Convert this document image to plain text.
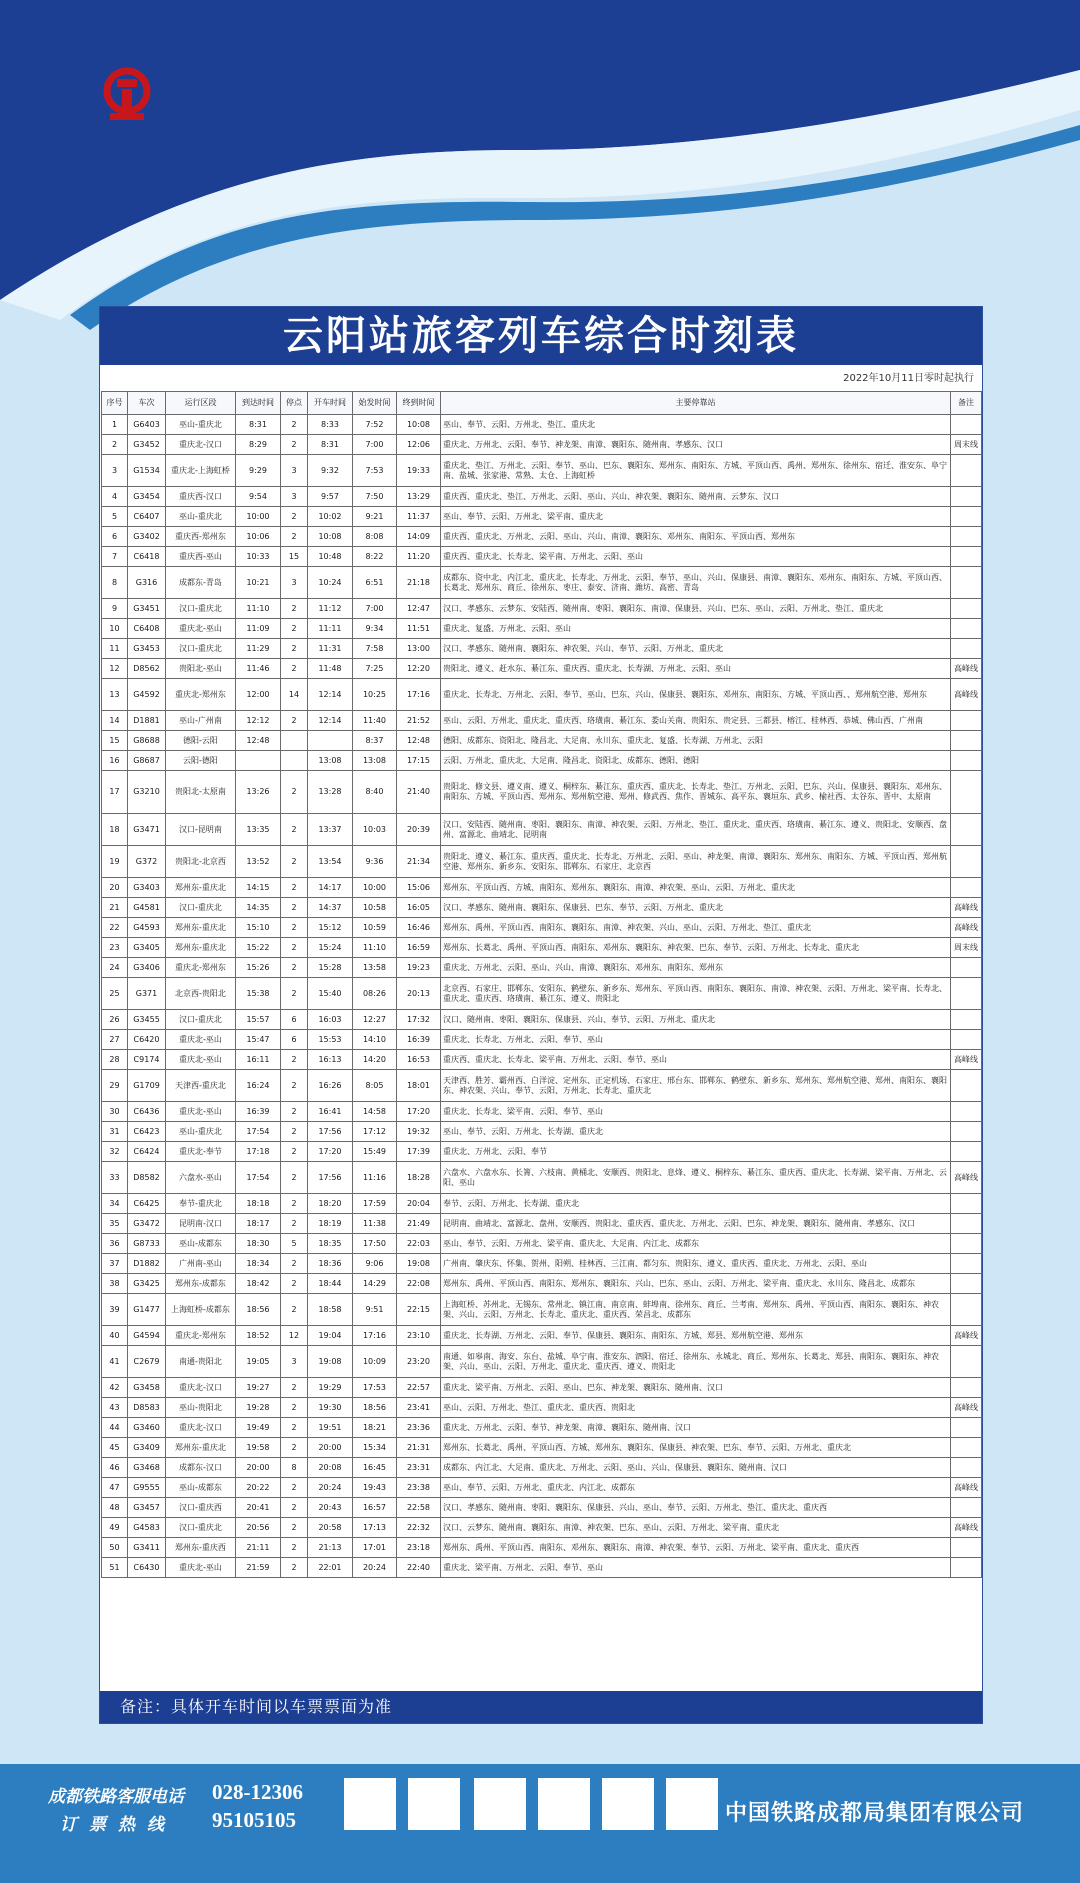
中国铁路
云阳站旅客列车综合时刻表
2022年10月11日零时起执行
序号	车次	运行区段	到达时间	停点	开车时间	始发时间	终到时间	主要停靠站	备注
1	G6403	巫山-重庆北	8:31	2	8:33	7:52	10:08	巫山、奉节、云阳、万州北、垫江、重庆北	
2	G3452	重庆北-汉口	8:29	2	8:31	7:00	12:06	重庆北、万州北、云阳、奉节、神龙架、南漳、襄阳东、随州南、孝感东、汉口	周末线
3	G1534	重庆北-上海虹桥	9:29	3	9:32	7:53	19:33	重庆北、垫江、万州北、云阳、奉节、巫山、巴东、襄阳东、郑州东、南阳东、方城、平顶山西、禹州、郑州东、徐州东、宿迁、淮安东、阜宁南、盐城、张家港、常熟、太仓、上海虹桥	
4	G3454	重庆西-汉口	9:54	3	9:57	7:50	13:29	重庆西、重庆北、垫江、万州北、云阳、巫山、兴山、神农架、襄阳东、随州南、云梦东、汉口	
5	C6407	巫山-重庆北	10:00	2	10:02	9:21	11:37	巫山、奉节、云阳、万州北、梁平南、重庆北	
6	G3402	重庆西-郑州东	10:06	2	10:08	8:08	14:09	重庆西、重庆北、万州北、云阳、巫山、兴山、南漳、襄阳东、邓州东、南阳东、平顶山西、郑州东	
7	C6418	重庆西-巫山	10:33	15	10:48	8:22	11:20	重庆西、重庆北、长寿北、梁平南、万州北、云阳、巫山	
8	G316	成都东-青岛	10:21	3	10:24	6:51	21:18	成都东、资中北、内江北、重庆北、长寿北、万州北、云阳、奉节、巫山、兴山、保康县、南漳、襄阳东、邓州东、南阳东、方城、平顶山西、长葛北、郑州东、商丘、徐州东、枣庄、泰安、济南、潍坊、高密、青岛	
9	G3451	汉口-重庆北	11:10	2	11:12	7:00	12:47	汉口、孝感东、云梦东、安陆西、随州南、枣阳、襄阳东、南漳、保康县、兴山、巴东、巫山、云阳、万州北、垫江、重庆北	
10	C6408	重庆北-巫山	11:09	2	11:11	9:34	11:51	重庆北、复盛、万州北、云阳、巫山	
11	G3453	汉口-重庆北	11:29	2	11:31	7:58	13:00	汉口、孝感东、随州南、襄阳东、神农架、兴山、奉节、云阳、万州北、重庆北	
12	D8562	贵阳北-巫山	11:46	2	11:48	7:25	12:20	贵阳北、遵义、赶水东、綦江东、重庆西、重庆北、长寿湖、万州北、云阳、巫山	高峰线
13	G4592	重庆北-郑州东	12:00	14	12:14	10:25	17:16	重庆北、长寿北、万州北、云阳、奉节、巫山、巴东、兴山、保康县、襄阳东、邓州东、南阳东、方城、平顶山西、、郑州航空港、郑州东	高峰线
14	D1881	巫山-广州南	12:12	2	12:14	11:40	21:52	巫山、云阳、万州北、重庆北、重庆西、珞璜南、綦江东、娄山关南、贵阳东、贵定县、三都县、榕江、桂林西、恭城、佛山西、广州南	
15	G8688	德阳-云阳	12:48			8:37	12:48	德阳、成都东、资阳北、隆昌北、大足南、永川东、重庆北、复盛、长寿湖、万州北、云阳	
16	G8687	云阳-德阳			13:08	13:08	17:15	云阳、万州北、重庆北、大足南、隆昌北、资阳北、成都东、德阳、德阳	
17	G3210	贵阳北-太原南	13:26	2	13:28	8:40	21:40	贵阳北、修文县、遵义南、遵义、桐梓东、綦江东、重庆西、重庆北、长寿北、垫江、万州北、云阳、巴东、兴山、保康县、襄阳东、邓州东、南阳东、方城、平顶山西、郑州东、郑州航空港、郑州、修武西、焦作、晋城东、高平东、襄垣东、武乡、榆社西、太谷东、晋中、太原南	
18	G3471	汉口-昆明南	13:35	2	13:37	10:03	20:39	汉口、安陆西、随州南、枣阳、襄阳东、南漳、神农架、云阳、万州北、垫江、重庆北、重庆西、珞璜南、綦江东、遵义、贵阳北、安顺西、盘州、富源北、曲靖北、昆明南	
19	G372	贵阳北-北京西	13:52	2	13:54	9:36	21:34	贵阳北、遵义、綦江东、重庆西、重庆北、长寿北、万州北、云阳、巫山、神龙架、南漳、襄阳东、郑州东、南阳东、方城、平顶山西、郑州航空港、郑州东、新乡东、安阳东、邯郸东、石家庄、北京西	
20	G3403	郑州东-重庆北	14:15	2	14:17	10:00	15:06	郑州东、平顶山西、方城、南阳东、郑州东、襄阳东、南漳、神农架、巫山、云阳、万州北、重庆北	
21	G4581	汉口-重庆北	14:35	2	14:37	10:58	16:05	汉口、孝感东、随州南、襄阳东、保康县、巴东、奉节、云阳、万州北、重庆北	高峰线
22	G4593	郑州东-重庆北	15:10	2	15:12	10:59	16:46	郑州东、禹州、平顶山西、南阳东、襄阳东、南漳、神农架、兴山、巫山、云阳、万州北、垫江、重庆北	高峰线
23	G3405	郑州东-重庆北	15:22	2	15:24	11:10	16:59	郑州东、长葛北、禹州、平顶山西、南阳东、邓州东、襄阳东、神农架、巴东、奉节、云阳、万州北、长寿北、重庆北	周末线
24	G3406	重庆北-郑州东	15:26	2	15:28	13:58	19:23	重庆北、万州北、云阳、巫山、兴山、南漳、襄阳东、邓州东、南阳东、郑州东	
25	G371	北京西-贵阳北	15:38	2	15:40	08:26	20:13	北京西、石家庄、邯郸东、安阳东、鹤壁东、新乡东、郑州东、平顶山西、南阳东、襄阳东、南漳、神农架、云阳、万州北、梁平南、长寿北、重庆北、重庆西、珞璜南、綦江东、遵义、贵阳北	
26	G3455	汉口-重庆北	15:57	6	16:03	12:27	17:32	汉口、随州南、枣阳、襄阳东、保康县、兴山、奉节、云阳、万州北、重庆北	
27	C6420	重庆北-巫山	15:47	6	15:53	14:10	16:39	重庆北、长寿北、万州北、云阳、奉节、巫山	
28	C9174	重庆北-巫山	16:11	2	16:13	14:20	16:53	重庆西、重庆北、长寿北、梁平南、万州北、云阳、奉节、巫山	高峰线
29	G1709	天津西-重庆北	16:24	2	16:26	8:05	18:01	天津西、胜芳、霸州西、白洋淀、定州东、正定机场、石家庄、邢台东、邯郸东、鹤壁东、新乡东、郑州东、郑州航空港、郑州、南阳东、襄阳东、神农架、兴山、奉节、云阳、万州北、长寿北、重庆北	
30	C6436	重庆北-巫山	16:39	2	16:41	14:58	17:20	重庆北、长寿北、梁平南、云阳、奉节、巫山	
31	C6423	巫山-重庆北	17:54	2	17:56	17:12	19:32	巫山、奉节、云阳、万州北、长寿湖、重庆北	
32	C6424	重庆北-奉节	17:18	2	17:20	15:49	17:39	重庆北、万州北、云阳、奉节	
33	D8582	六盘水-巫山	17:54	2	17:56	11:16	18:28	六盘水、六盘水东、长箐、六枝南、黄桶北、安顺西、贵阳北、息烽、遵义、桐梓东、綦江东、重庆西、重庆北、长寿湖、梁平南、万州北、云阳、巫山	高峰线
34	C6425	奉节-重庆北	18:18	2	18:20	17:59	20:04	奉节、云阳、万州北、长寿湖、重庆北	
35	G3472	昆明南-汉口	18:17	2	18:19	11:38	21:49	昆明南、曲靖北、富源北、盘州、安顺西、贵阳北、重庆西、重庆北、万州北、云阳、巴东、神龙架、襄阳东、随州南、孝感东、汉口	
36	G8733	巫山-成都东	18:30	5	18:35	17:50	22:03	巫山、奉节、云阳、万州北、梁平南、重庆北、大足南、内江北、成都东	
37	D1882	广州南-巫山	18:34	2	18:36	9:06	19:08	广州南、肇庆东、怀集、贺州、阳朔、桂林西、三江南、都匀东、贵阳东、遵义、重庆西、重庆北、万州北、云阳、巫山	
38	G3425	郑州东-成都东	18:42	2	18:44	14:29	22:08	郑州东、禹州、平顶山西、南阳东、郑州东、襄阳东、兴山、巴东、巫山、云阳、万州北、梁平南、重庆北、永川东、隆昌北、成都东	
39	G1477	上海虹桥-成都东	18:56	2	18:58	9:51	22:15	上海虹桥、苏州北、无锡东、常州北、镇江南、南京南、蚌埠南、徐州东、商丘、兰考南、郑州东、禹州、平顶山西、南阳东、襄阳东、神农架、兴山、云阳、万州北、长寿北、重庆北、重庆西、荣昌北、成都东	
40	G4594	重庆北-郑州东	18:52	12	19:04	17:16	23:10	重庆北、长寿湖、万州北、云阳、奉节、保康县、襄阳东、南阳东、方城、郑县、郑州航空港、郑州东	高峰线
41	C2679	南通-贵阳北	19:05	3	19:08	10:09	23:20	南通、如皋南、海安、东台、盐城、阜宁南、淮安东、泗阳、宿迁、徐州东、永城北、商丘、郑州东、长葛北、郑县、南阳东、襄阳东、神农架、兴山、巫山、云阳、万州北、重庆北、重庆西、遵义、贵阳北	
42	G3458	重庆北-汉口	19:27	2	19:29	17:53	22:57	重庆北、梁平南、万州北、云阳、巫山、巴东、神龙架、襄阳东、随州南、汉口	
43	D8583	巫山-贵阳北	19:28	2	19:30	18:56	23:41	巫山、云阳、万州北、垫江、重庆北、重庆西、贵阳北	高峰线
44	G3460	重庆北-汉口	19:49	2	19:51	18:21	23:36	重庆北、万州北、云阳、奉节、神龙架、南漳、襄阳东、随州南、汉口	
45	G3409	郑州东-重庆北	19:58	2	20:00	15:34	21:31	郑州东、长葛北、禹州、平顶山西、方城、郑州东、襄阳东、保康县、神农架、巴东、奉节、云阳、万州北、重庆北	
46	G3468	成都东-汉口	20:00	8	20:08	16:45	23:31	成都东、内江北、大足南、重庆北、万州北、云阳、巫山、兴山、保康县、襄阳东、随州南、汉口	
47	G9555	巫山-成都东	20:22	2	20:24	19:43	23:38	巫山、奉节、云阳、万州北、重庆北、内江北、成都东	高峰线
48	G3457	汉口-重庆西	20:41	2	20:43	16:57	22:58	汉口、孝感东、随州南、枣阳、襄阳东、保康县、兴山、巫山、奉节、云阳、万州北、垫江、重庆北、重庆西	
49	G4583	汉口-重庆北	20:56	2	20:58	17:13	22:32	汉口、云梦东、随州南、襄阳东、南漳、神农架、巴东、巫山、云阳、万州北、梁平南、重庆北	高峰线
50	G3411	郑州东-重庆西	21:11	2	21:13	17:01	23:18	郑州东、禹州、平顶山西、南阳东、邓州东、襄阳东、南漳、神农架、奉节、云阳、万州北、梁平南、重庆北、重庆西	
51	C6430	重庆北-巫山	21:59	2	22:01	20:24	22:40	重庆北、梁平南、万州北、云阳、奉节、巫山	
备注：具体开车时间以车票票面为准
成都铁路客服电话
订票热线
028-12306
95105105	中国铁路成都局集团有限公司
